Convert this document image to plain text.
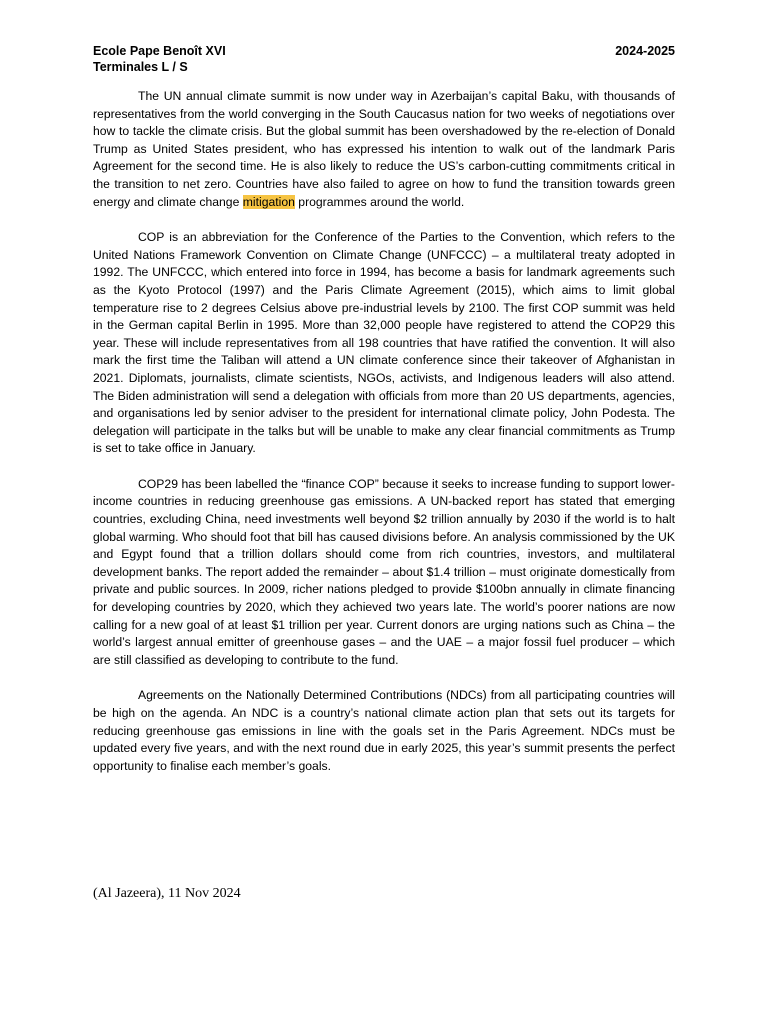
Ecole Pape Benoît XVI
Terminales L / S
2024-2025

The UN annual climate summit is now under way in Azerbaijan’s capital Baku, with thousands of representatives from the world converging in the South Caucasus nation for two weeks of negotiations over how to tackle the climate crisis. But the global summit has been overshadowed by the re-election of Donald Trump as United States president, who has expressed his intention to walk out of the landmark Paris Agreement for the second time. He is also likely to reduce the US’s carbon-cutting commitments critical in the transition to net zero. Countries have also failed to agree on how to fund the transition towards green energy and climate change mitigation programmes around the world.

COP is an abbreviation for the Conference of the Parties to the Convention, which refers to the United Nations Framework Convention on Climate Change (UNFCCC) – a multilateral treaty adopted in 1992. The UNFCCC, which entered into force in 1994, has become a basis for landmark agreements such as the Kyoto Protocol (1997) and the Paris Climate Agreement (2015), which aims to limit global temperature rise to 2 degrees Celsius above pre-industrial levels by 2100. The first COP summit was held in the German capital Berlin in 1995. More than 32,000 people have registered to attend the COP29 this year. These will include representatives from all 198 countries that have ratified the convention. It will also mark the first time the Taliban will attend a UN climate conference since their takeover of Afghanistan in 2021. Diplomats, journalists, climate scientists, NGOs, activists, and Indigenous leaders will also attend. The Biden administration will send a delegation with officials from more than 20 US departments, agencies, and organisations led by senior adviser to the president for international climate policy, John Podesta. The delegation will participate in the talks but will be unable to make any clear financial commitments as Trump is set to take office in January.

COP29 has been labelled the “finance COP” because it seeks to increase funding to support lower-income countries in reducing greenhouse gas emissions. A UN-backed report has stated that emerging countries, excluding China, need investments well beyond $2 trillion annually by 2030 if the world is to halt global warming. Who should foot that bill has caused divisions before. An analysis commissioned by the UK and Egypt found that a trillion dollars should come from rich countries, investors, and multilateral development banks. The report added the remainder – about $1.4 trillion – must originate domestically from private and public sources. In 2009, richer nations pledged to provide $100bn annually in climate financing for developing countries by 2020, which they achieved two years late. The world’s poorer nations are now calling for a new goal of at least $1 trillion per year. Current donors are urging nations such as China – the world’s largest annual emitter of greenhouse gases – and the UAE – a major fossil fuel producer – which are still classified as developing to contribute to the fund.

Agreements on the Nationally Determined Contributions (NDCs) from all participating countries will be high on the agenda. An NDC is a country’s national climate action plan that sets out its targets for reducing greenhouse gas emissions in line with the goals set in the Paris Agreement. NDCs must be updated every five years, and with the next round due in early 2025, this year’s summit presents the perfect opportunity to finalise each member’s goals.

(Al Jazeera), 11 Nov 2024
